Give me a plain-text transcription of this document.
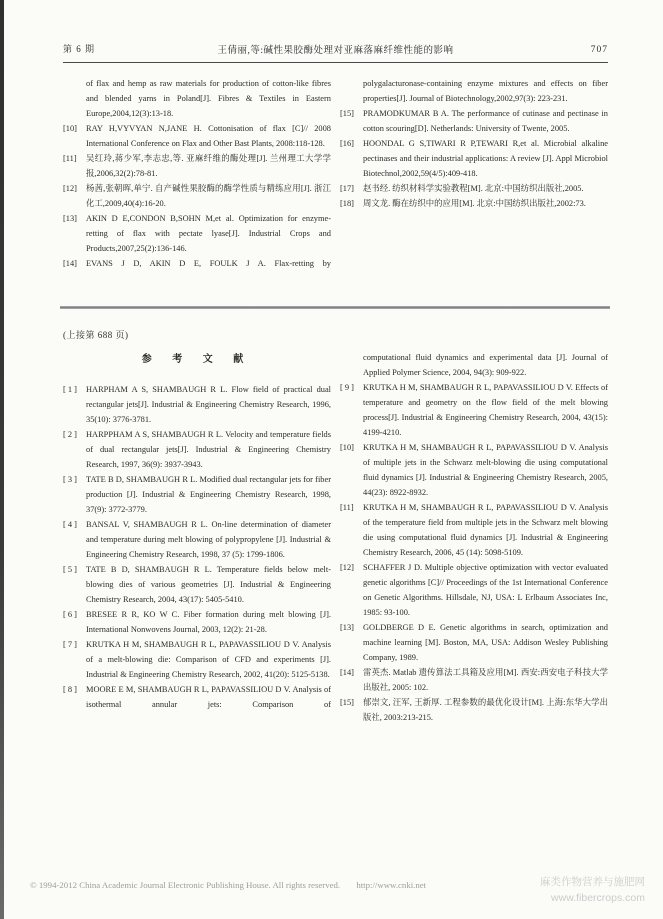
第 6 期	王倩丽,等:碱性果胶酶处理对亚麻落麻纤维性能的影响	707
of flax and hemp as raw materials for production of cotton-like fibres and blended yarns in Poland[J]. Fibres & Textiles in Eastern Europe,2004,12(3):13-18.
[10]	RAY H,VYVYAN N,JANE H. Cottonisation of flax [C]// 2008 International Conference on Flax and Other Bast Plants, 2008:118-128.
[11]	吴红玲,蒋少军,李志忠,等. 亚麻纤维的酶处理[J]. 兰州理工大学学报,2006,32(2):78-81.
[12]	杨茜,张朝晖,单宁. 自产碱性果胶酶的酶学性质与精练应用[J]. 浙江化工,2009,40(4):16-20.
[13]	AKIN D E,CONDON B,SOHN M,et al. Optimization for enzyme-retting of flax with pectate lyase[J]. Industrial Crops and Products,2007,25(2):136-146.
[14]	EVANS J D, AKIN D E, FOULK J A. Flax-retting by
polygalacturonase-containing enzyme mixtures and effects on fiber properties[J]. Journal of Biotechnology,2002,97(3): 223-231.
[15]	PRAMODKUMAR B A. The performance of cutinase and pectinase in cotton scouring[D]. Netherlands: University of Twente, 2005.
[16]	HOONDAL G S,TIWARI R P,TEWARI R,et al. Microbial alkaline pectinases and their industrial applications: A review [J]. Appl Microbiol Biotechnol,2002,59(4/5):409-418.
[17]	赵书经. 纺织材料学实验教程[M]. 北京:中国纺织出版社,2005.
[18]	周文龙. 酶在纺织中的应用[M]. 北京:中国纺织出版社,2002:73.
(上接第 688 页)
参 考 文 献
[ 1 ]	HARPHAM A S, SHAMBAUGH R L. Flow field of practical dual rectangular jets[J]. Industrial & Engineering Chemistry Research, 1996, 35(10): 3776-3781.
[ 2 ]	HARPPHAM A S, SHAMBAUGH R L. Velocity and temperature fields of dual rectangular jets[J]. Industrial & Engineering Chemistry Research, 1997, 36(9): 3937-3943.
[ 3 ]	TATE B D, SHAMBAUGH R L. Modified dual rectangular jets for fiber production [J]. Industrial & Engineering Chemistry Research, 1998, 37(9): 3772-3779.
[ 4 ]	BANSAL V, SHAMBAUGH R L. On-line determination of diameter and temperature during melt blowing of polypropylene [J]. Industrial & Engineering Chemistry Research, 1998, 37 (5): 1799-1806.
[ 5 ]	TATE B D, SHAMBAUGH R L. Temperature fields below melt-blowing dies of various geometries [J]. Industrial & Engineering Chemistry Research, 2004, 43(17): 5405-5410.
[ 6 ]	BRESEE R R, KO W C. Fiber formation during melt blowing [J]. International Nonwovens Journal, 2003, 12(2): 21-28.
[ 7 ]	KRUTKA H M, SHAMBAUGH R L, PAPAVASSILIOU D V. Analysis of a melt-blowing die: Comparison of CFD and experiments [J]. Industrial & Engineering Chemistry Research, 2002, 41(20): 5125-5138.
[ 8 ]	MOORE E M, SHAMBAUGH R L, PAPAVASSILIOU D V. Analysis of isothermal annular jets: Comparison of
computational fluid dynamics and experimental data [J]. Journal of Applied Polymer Science, 2004, 94(3): 909-922.
[ 9 ]	KRUTKA H M, SHAMBAUGH R L, PAPAVASSILIOU D V. Effects of temperature and geometry on the flow field of the melt blowing process[J]. Industrial & Engineering Chemistry Research, 2004, 43(15): 4199-4210.
[10]	KRUTKA H M, SHAMBAUGH R L, PAPAVASSILIOU D V. Analysis of multiple jets in the Schwarz melt-blowing die using computational fluid dynamics [J]. Industrial & Engineering Chemistry Research, 2005, 44(23): 8922-8932.
[11]	KRUTKA H M, SHAMBAUGH R L, PAPAVASSILIOU D V. Analysis of the temperature field from multiple jets in the Schwarz melt blowing die using computational fluid dynamics [J]. Industrial & Engineering Chemistry Research, 2006, 45 (14): 5098-5109.
[12]	SCHAFFER J D. Multiple objective optimization with vector evaluated genetic algorithms [C]// Proceedings of the 1st International Conference on Genetic Algorithms. Hillsdale, NJ, USA: L Erlbaum Associates Inc, 1985: 93-100.
[13]	GOLDBERGE D E. Genetic algorithms in search, optimization and machine learning [M]. Boston, MA, USA: Addison Wesley Publishing Company, 1989.
[14]	雷英杰. Matlab 遗传算法工具箱及应用[M]. 西安:西安电子科技大学出版社, 2005: 102.
[15]	郁崇文, 汪军, 王新厚. 工程参数的最优化设计[M]. 上海:东华大学出版社, 2003:213-215.
© 1994-2012 China Academic Journal Electronic Publishing House. All rights reserved. http://www.cnki.net	麻类作物营养与施肥网
www.fibercrops.com
